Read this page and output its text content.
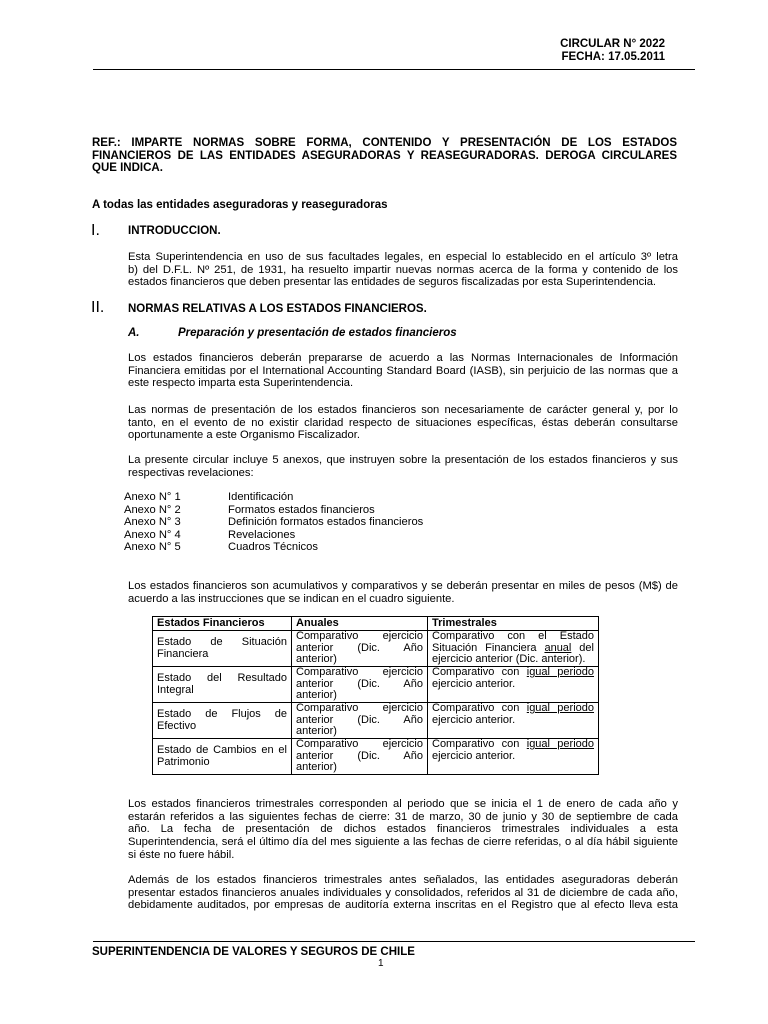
CIRCULAR N° 2022
FECHA: 17.05.2011
REF.: IMPARTE NORMAS SOBRE FORMA, CONTENIDO Y PRESENTACIÓN DE LOS ESTADOS
FINANCIEROS DE LAS ENTIDADES ASEGURADORAS Y REASEGURADORAS. DEROGA CIRCULARES
QUE INDICA.
A todas las entidades aseguradoras y reaseguradoras
I. INTRODUCCION.
Esta Superintendencia en uso de sus facultades legales, en especial lo establecido en el artículo 3º letra
b) del D.F.L. Nº 251, de 1931, ha resuelto impartir nuevas normas acerca de la forma y contenido de los
estados financieros que deben presentar las entidades de seguros fiscalizadas por esta Superintendencia.
II. NORMAS RELATIVAS A LOS ESTADOS FINANCIEROS.
A.	Preparación y presentación de estados financieros
Los estados financieros deberán prepararse de acuerdo a las Normas Internacionales de Información
Financiera emitidas por el International Accounting Standard Board (IASB), sin perjuicio de las normas que a
este respecto imparta esta Superintendencia.
Las normas de presentación de los estados financieros son necesariamente de carácter general y, por lo
tanto, en el evento de no existir claridad respecto de situaciones específicas, éstas deberán consultarse
oportunamente a este Organismo Fiscalizador.
La presente circular incluye 5 anexos, que instruyen sobre la presentación de los estados financieros y sus
respectivas revelaciones:
Anexo N° 1	Identificación
Anexo N° 2	Formatos estados financieros
Anexo N° 3	Definición formatos estados financieros
Anexo N° 4	Revelaciones
Anexo N° 5	Cuadros Técnicos
Los estados financieros son acumulativos y comparativos y se deberán presentar en miles de pesos (M$) de
acuerdo a las instrucciones que se indican en el cuadro siguiente.
Estados Financieros	Anuales	Trimestrales
Estado de Situación Financiera	Comparativo ejercicio
anterior (Dic. Año
anterior)	Comparativo con el Estado
Situación Financiera anual del
ejercicio anterior (Dic. anterior).

Estado del Resultado Integral	Comparativo ejercicio
anterior (Dic. Año
anterior)	Comparativo con igual periodo
ejercicio anterior.

Estado de Flujos de Efectivo	Comparativo ejercicio
anterior (Dic. Año
anterior)	Comparativo con igual periodo
ejercicio anterior.

Estado de Cambios en el Patrimonio	Comparativo ejercicio
anterior (Dic. Año
anterior)	Comparativo con igual periodo
ejercicio anterior.
Los estados financieros trimestrales corresponden al periodo que se inicia el 1 de enero de cada año y
estarán referidos a las siguientes fechas de cierre: 31 de marzo, 30 de junio y 30 de septiembre de cada
año. La fecha de presentación de dichos estados financieros trimestrales individuales a esta
Superintendencia, será el último día del mes siguiente a las fechas de cierre referidas, o al día hábil siguiente
si éste no fuere hábil.
Además de los estados financieros trimestrales antes señalados, las entidades aseguradoras deberán
presentar estados financieros anuales individuales y consolidados, referidos al 31 de diciembre de cada año,
debidamente auditados, por empresas de auditoría externa inscritas en el Registro que al efecto lleva esta
SUPERINTENDENCIA DE VALORES Y SEGUROS DE CHILE
1
